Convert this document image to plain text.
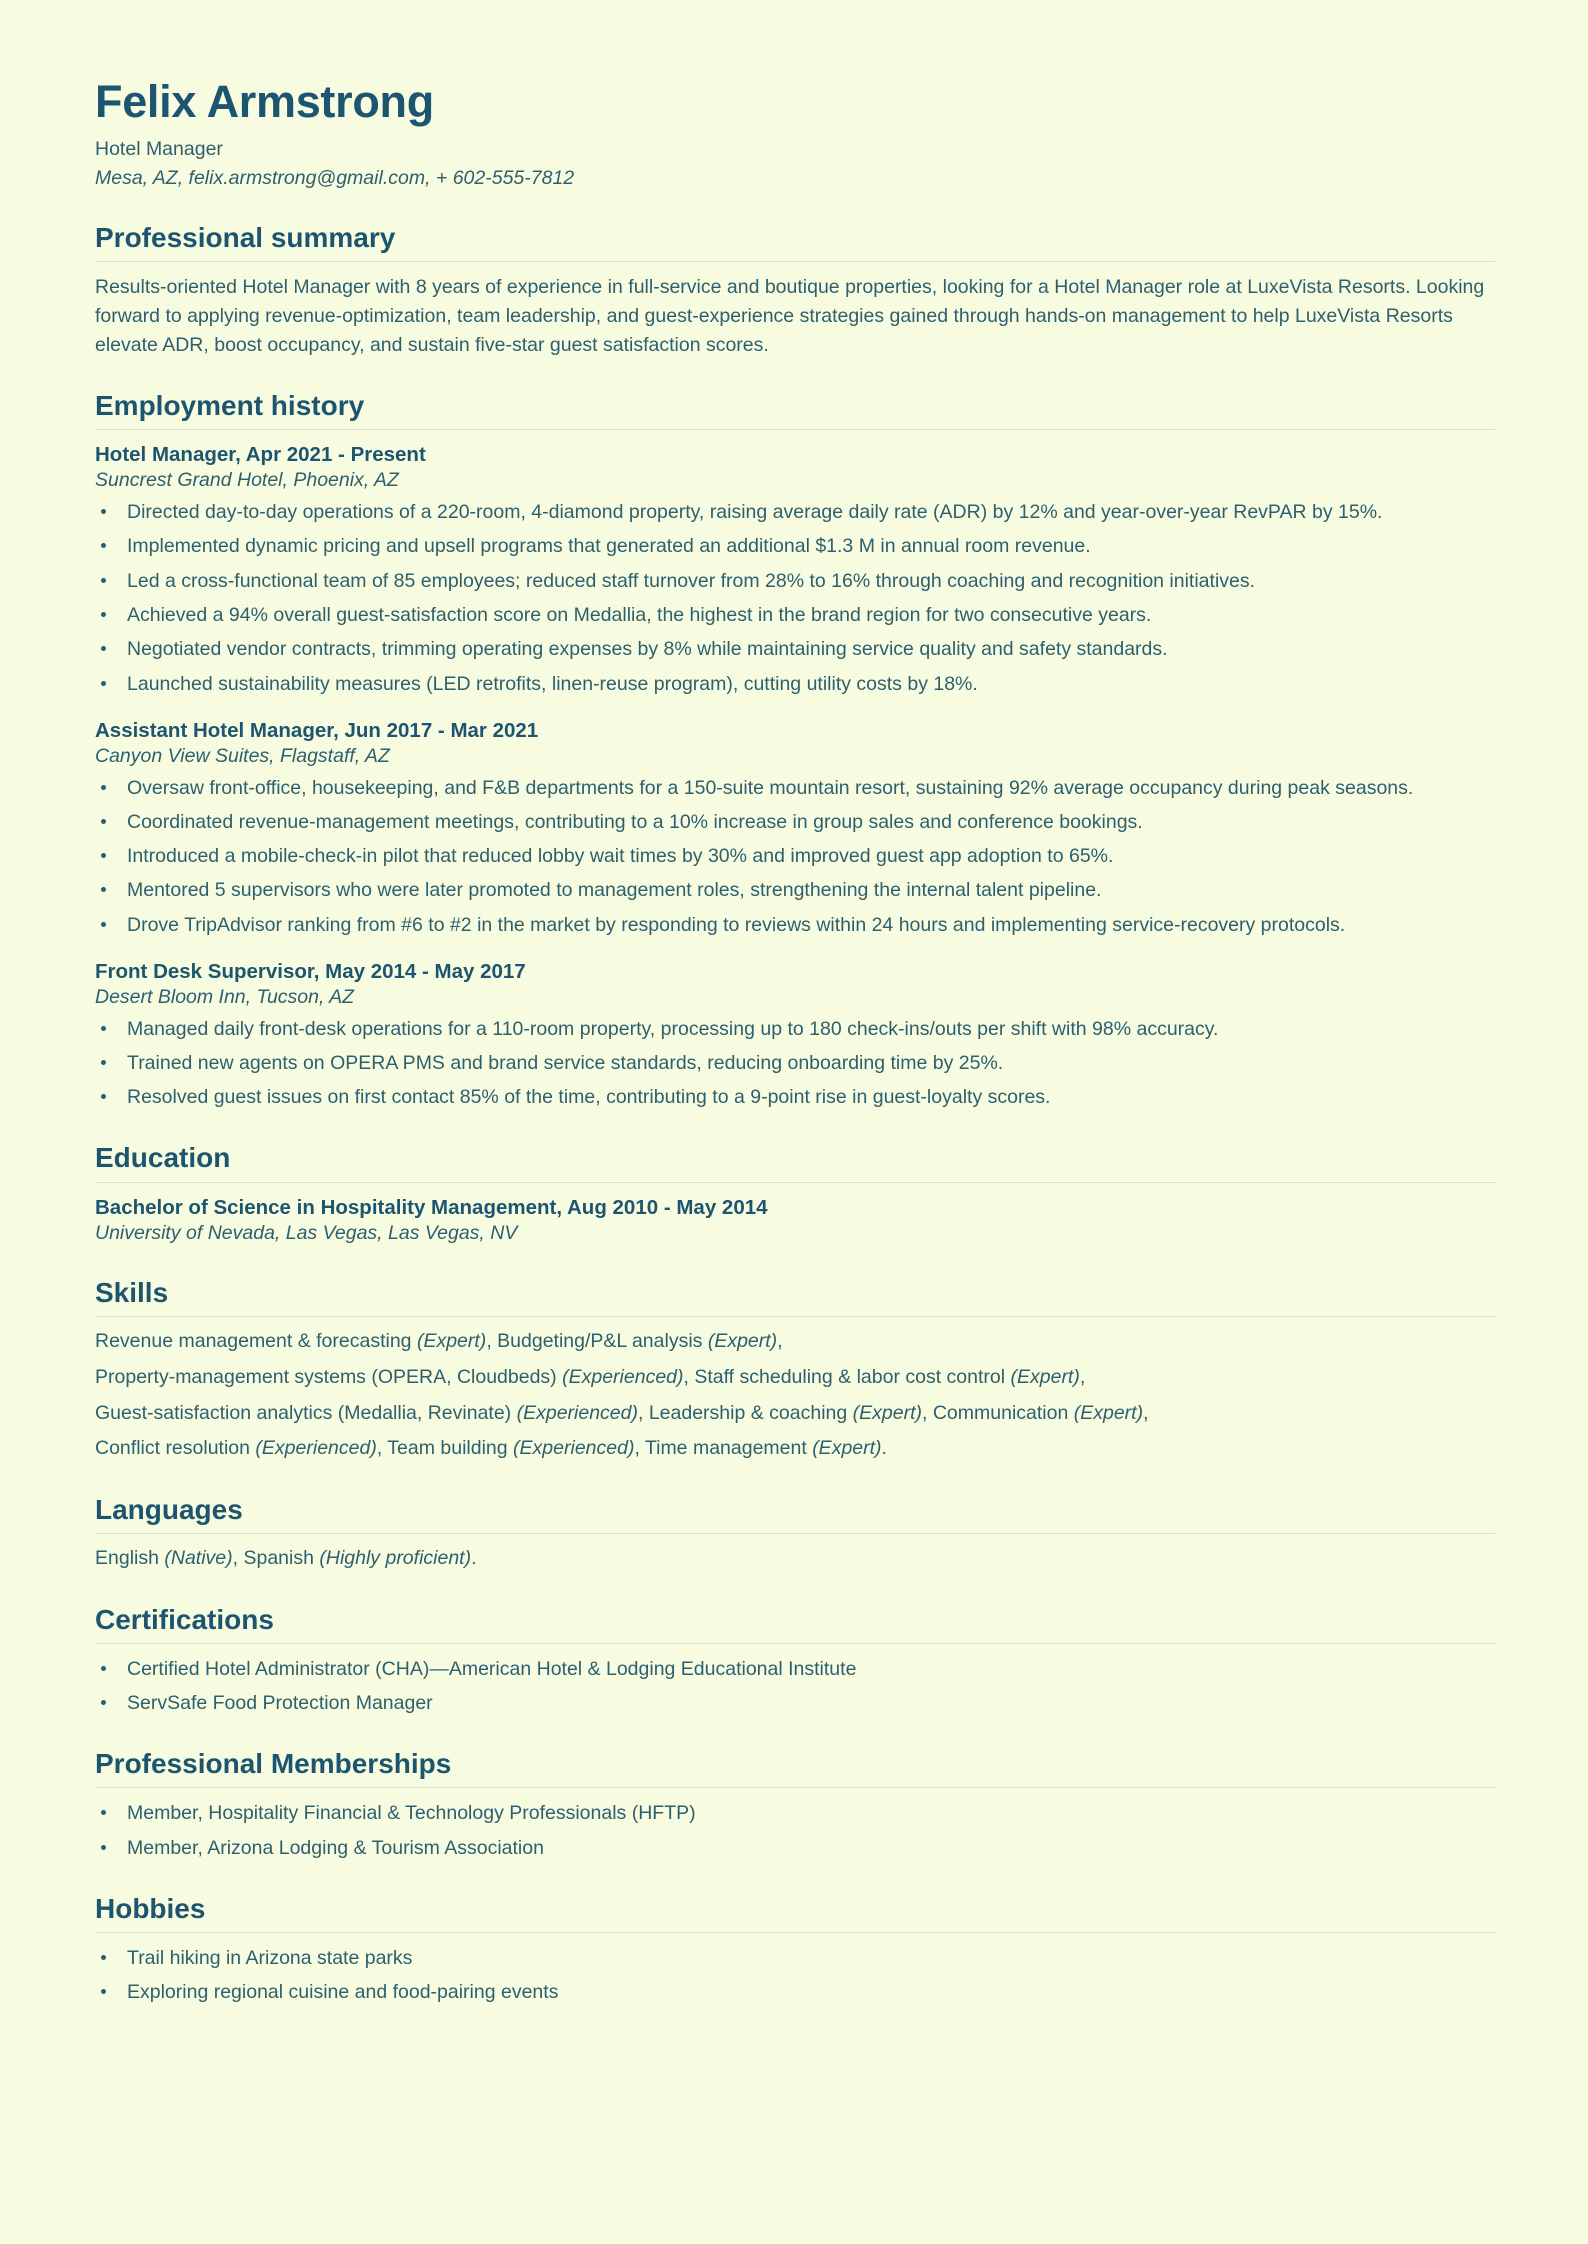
Felix Armstrong
Hotel Manager
Mesa, AZ, felix.armstrong@gmail.com, + 602-555-7812
Professional summary
Results-oriented Hotel Manager with 8 years of experience in full-service and boutique properties, looking for a Hotel Manager role at LuxeVista Resorts. Looking forward to applying revenue-optimization, team leadership, and guest-experience strategies gained through hands-on management to help LuxeVista Resorts elevate ADR, boost occupancy, and sustain five-star guest satisfaction scores.
Employment history
Hotel Manager, Apr 2021 - Present
Suncrest Grand Hotel, Phoenix, AZ
Directed day-to-day operations of a 220-room, 4-diamond property, raising average daily rate (ADR) by 12% and year-over-year RevPAR by 15%.
Implemented dynamic pricing and upsell programs that generated an additional $1.3 M in annual room revenue.
Led a cross-functional team of 85 employees; reduced staff turnover from 28% to 16% through coaching and recognition initiatives.
Achieved a 94% overall guest-satisfaction score on Medallia, the highest in the brand region for two consecutive years.
Negotiated vendor contracts, trimming operating expenses by 8% while maintaining service quality and safety standards.
Launched sustainability measures (LED retrofits, linen-reuse program), cutting utility costs by 18%.
Assistant Hotel Manager, Jun 2017 - Mar 2021
Canyon View Suites, Flagstaff, AZ
Oversaw front-office, housekeeping, and F&B departments for a 150-suite mountain resort, sustaining 92% average occupancy during peak seasons.
Coordinated revenue-management meetings, contributing to a 10% increase in group sales and conference bookings.
Introduced a mobile-check-in pilot that reduced lobby wait times by 30% and improved guest app adoption to 65%.
Mentored 5 supervisors who were later promoted to management roles, strengthening the internal talent pipeline.
Drove TripAdvisor ranking from #6 to #2 in the market by responding to reviews within 24 hours and implementing service-recovery protocols.
Front Desk Supervisor, May 2014 - May 2017
Desert Bloom Inn, Tucson, AZ
Managed daily front-desk operations for a 110-room property, processing up to 180 check-ins/outs per shift with 98% accuracy.
Trained new agents on OPERA PMS and brand service standards, reducing onboarding time by 25%.
Resolved guest issues on first contact 85% of the time, contributing to a 9-point rise in guest-loyalty scores.
Education
Bachelor of Science in Hospitality Management, Aug 2010 - May 2014
University of Nevada, Las Vegas, Las Vegas, NV
Skills
Revenue management & forecasting (Expert), Budgeting/P&L analysis (Expert),
Property-management systems (OPERA, Cloudbeds) (Experienced), Staff scheduling & labor cost control (Expert),
Guest-satisfaction analytics (Medallia, Revinate) (Experienced), Leadership & coaching (Expert), Communication (Expert),
Conflict resolution (Experienced), Team building (Experienced), Time management (Expert).
Languages
English (Native), Spanish (Highly proficient).
Certifications
Certified Hotel Administrator (CHA)—American Hotel & Lodging Educational Institute
ServSafe Food Protection Manager
Professional Memberships
Member, Hospitality Financial & Technology Professionals (HFTP)
Member, Arizona Lodging & Tourism Association
Hobbies
Trail hiking in Arizona state parks
Exploring regional cuisine and food-pairing events
